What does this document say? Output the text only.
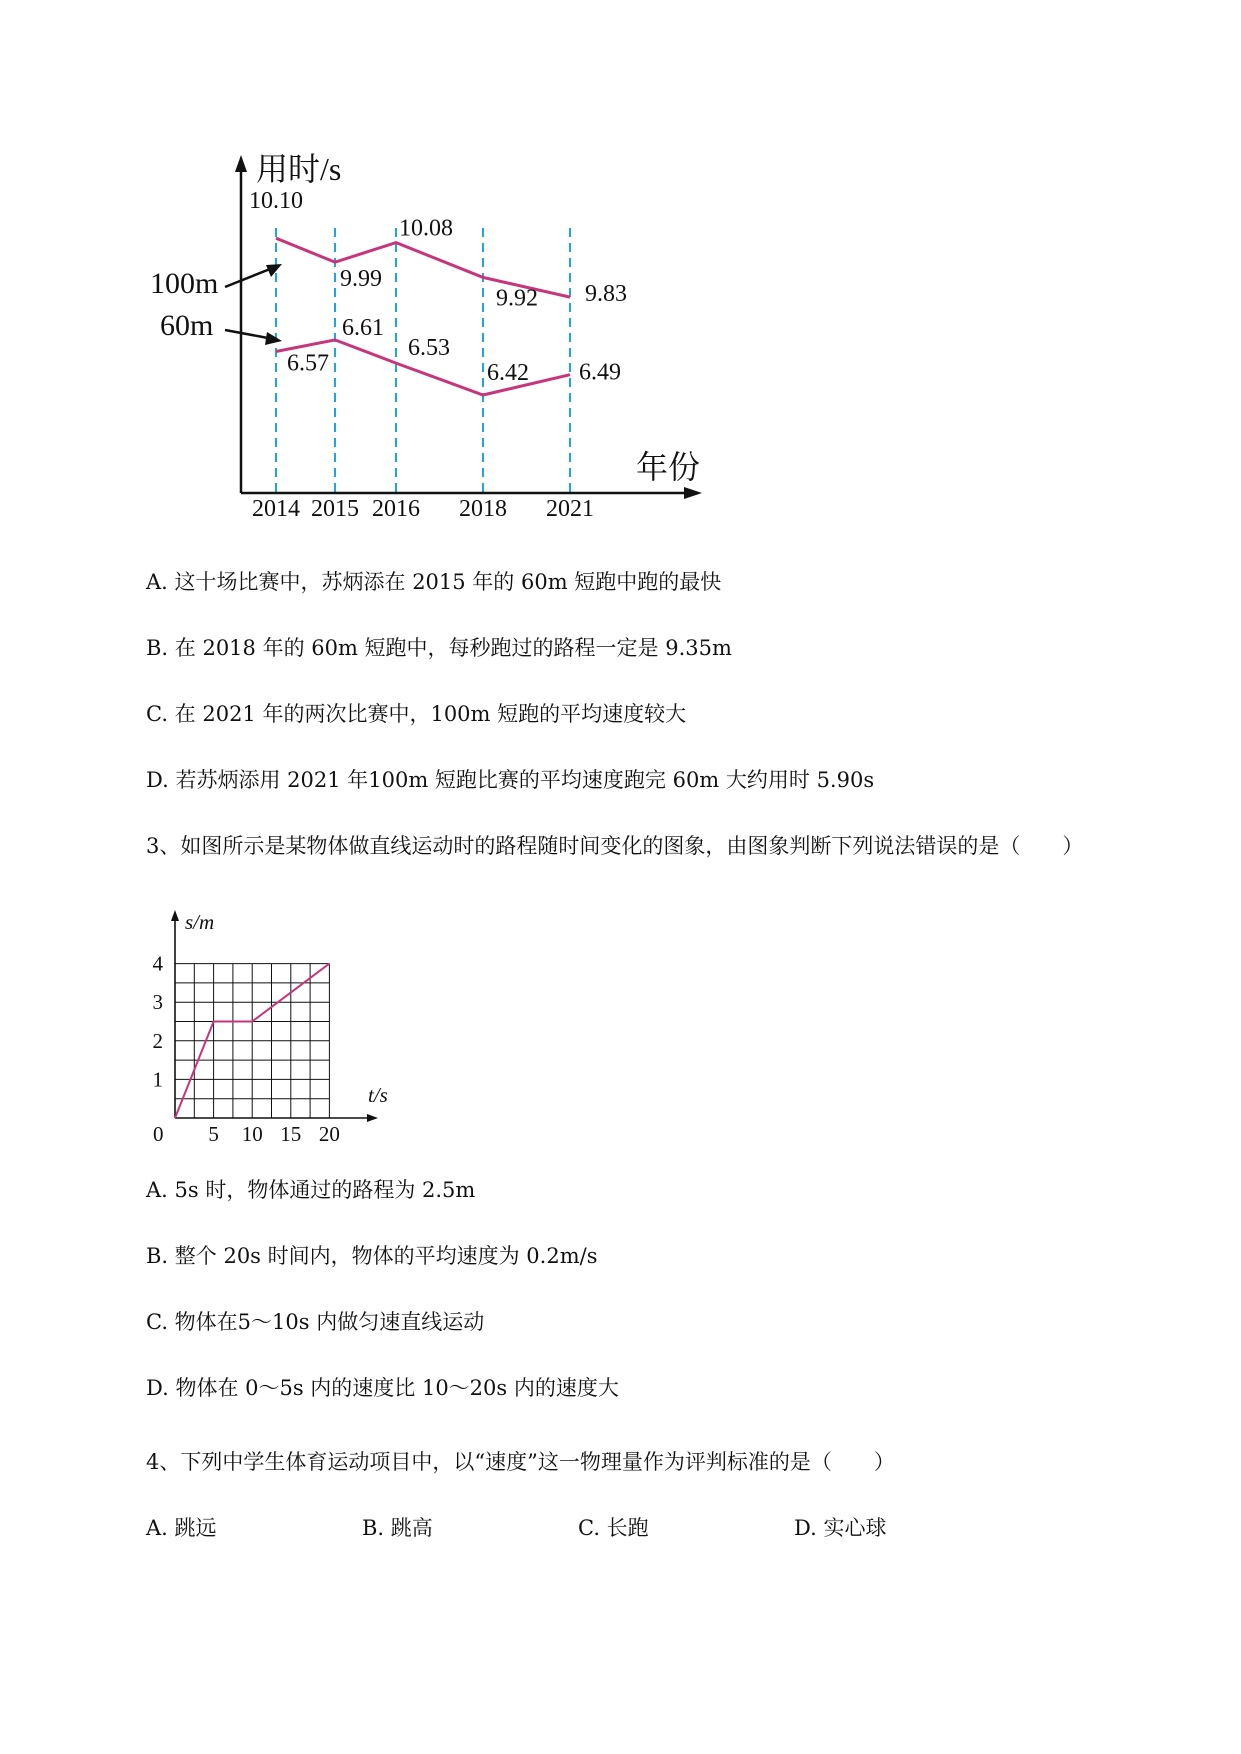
用时/s
年份
2014 2015 2016 2018 2021
10.10
9.99
10.08
9.92 9.83
6.57
6.61
6.53
6.42 6.49
100m
60m
A. 这十场比赛中，苏炳添在 2015 年的 60m 短跑中跑的最快
B. 在 2018 年的 60m 短跑中，每秒跑过的路程一定是 9.35m
C. 在 2021 年的两次比赛中，100m 短跑的平均速度较大
D. 若苏炳添用 2021 年100m 短跑比赛的平均速度跑完 60m 大约用时 5.90s
3、如图所示是某物体做直线运动时的路程随时间变化的图象，由图象判断下列说法错误的是（　　）
s/m
t/s
0 5 10 15 20
1
2
3
4
A. 5s 时，物体通过的路程为 2.5m
B. 整个 20s 时间内，物体的平均速度为 0.2m/s
C. 物体在5～10s 内做匀速直线运动
D. 物体在 0～5s 内的速度比 10～20s 内的速度大
4、下列中学生体育运动项目中，以“速度”这一物理量作为评判标准的是（　　）
A. 跳远	B. 跳高	C. 长跑	D. 实心球
